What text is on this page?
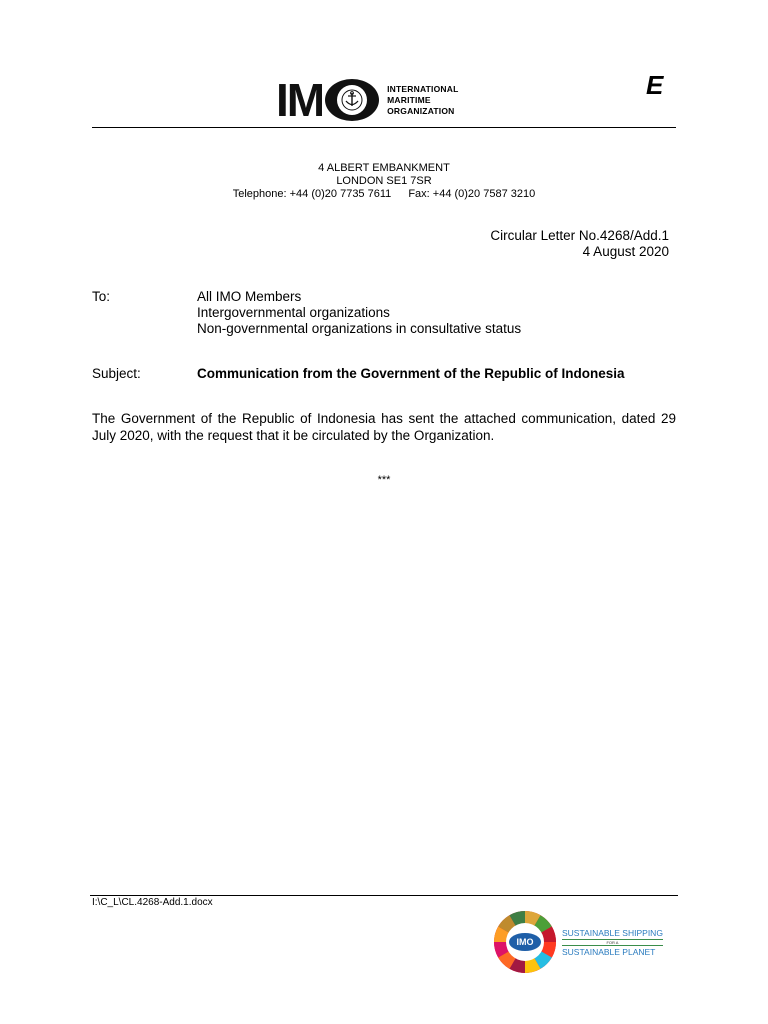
IM	INTERNATIONAL
MARITIME
ORGANIZATION
E
4 ALBERT EMBANKMENT
LONDON SE1 7SR
Telephone: +44 (0)20 7735 7611 Fax: +44 (0)20 7587 3210
Circular Letter No.4268/Add.1
4 August 2020
To:	All IMO Members
Intergovernmental organizations
Non-governmental organizations in consultative status
Subject:	Communication from the Government of the Republic of Indonesia
The Government of the Republic of Indonesia has sent the attached communication, dated 29 July 2020, with the request that it be circulated by the Organization.
***
I:\C_L\CL.4268-Add.1.docx
IMO
SUSTAINABLE SHIPPING
FOR A
SUSTAINABLE PLANET
